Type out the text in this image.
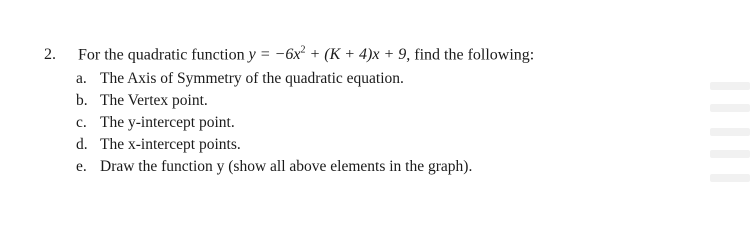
2.	For the quadratic function $y = -6x^2 + (K + 4)x + 9$, find the following:
a. The Axis of Symmetry of the quadratic equation.
b. The Vertex point.
c. The y-intercept point.
d. The x-intercept points.
e. Draw the function y (show all above elements in the graph).
